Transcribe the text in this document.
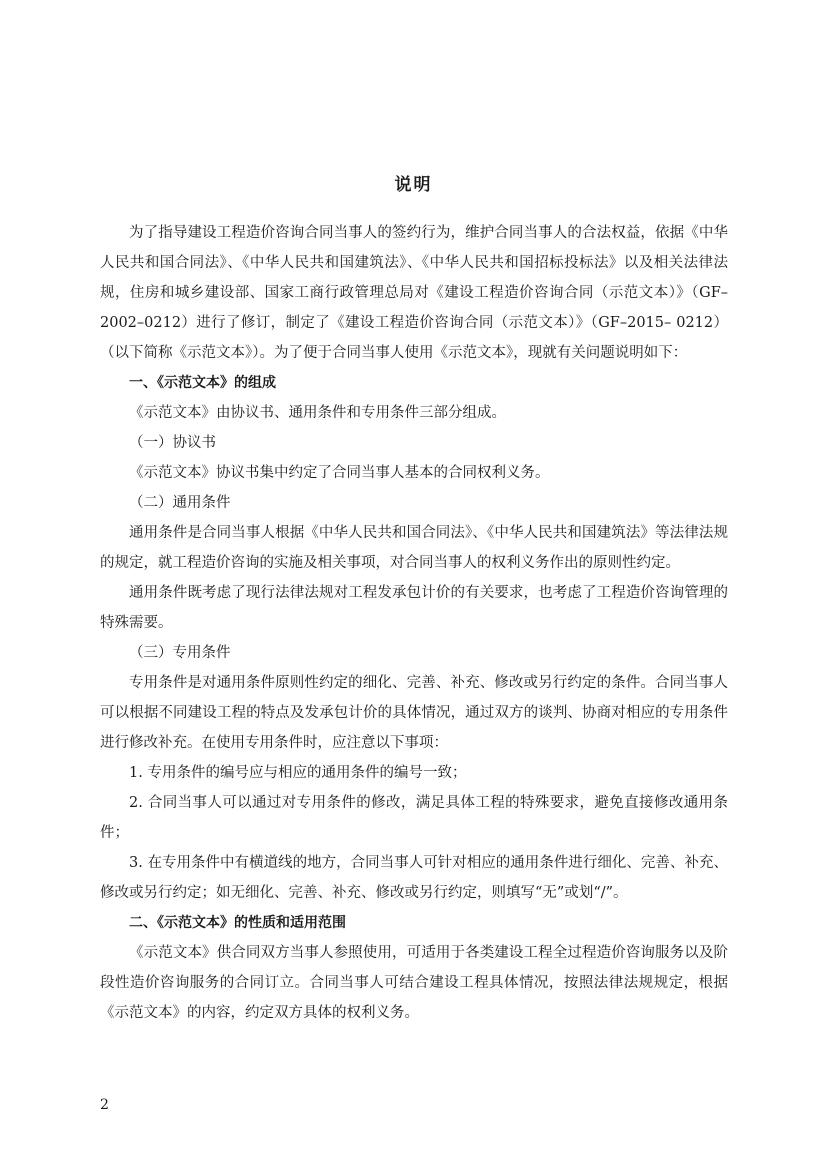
说明

为了指导建设工程造价咨询合同当事人的签约行为，维护合同当事人的合法权益，依据《中华人民共和国合同法》、《中华人民共和国建筑法》、《中华人民共和国招标投标法》以及相关法律法规，住房和城乡建设部、国家工商行政管理总局对《建设工程造价咨询合同（示范文本）》（GF–2002–0212）进行了修订，制定了《建设工程造价咨询合同（示范文本）》（GF–2015– 0212）（以下简称《示范文本》）。为了便于合同当事人使用《示范文本》，现就有关问题说明如下：

一、《示范文本》的组成

《示范文本》由协议书、通用条件和专用条件三部分组成。

（一）协议书

《示范文本》协议书集中约定了合同当事人基本的合同权利义务。

（二）通用条件

通用条件是合同当事人根据《中华人民共和国合同法》、《中华人民共和国建筑法》等法律法规的规定，就工程造价咨询的实施及相关事项，对合同当事人的权利义务作出的原则性约定。

通用条件既考虑了现行法律法规对工程发承包计价的有关要求，也考虑了工程造价咨询管理的特殊需要。

（三）专用条件

专用条件是对通用条件原则性约定的细化、完善、补充、修改或另行约定的条件。合同当事人可以根据不同建设工程的特点及发承包计价的具体情况，通过双方的谈判、协商对相应的专用条件进行修改补充。在使用专用条件时，应注意以下事项：

1. 专用条件的编号应与相应的通用条件的编号一致；

2. 合同当事人可以通过对专用条件的修改，满足具体工程的特殊要求，避免直接修改通用条件；

3. 在专用条件中有横道线的地方，合同当事人可针对相应的通用条件进行细化、完善、补充、修改或另行约定；如无细化、完善、补充、修改或另行约定，则填写“无”或划“/”。

二、《示范文本》的性质和适用范围

《示范文本》供合同双方当事人参照使用，可适用于各类建设工程全过程造价咨询服务以及阶段性造价咨询服务的合同订立。合同当事人可结合建设工程具体情况，按照法律法规规定，根据《示范文本》的内容，约定双方具体的权利义务。

2
